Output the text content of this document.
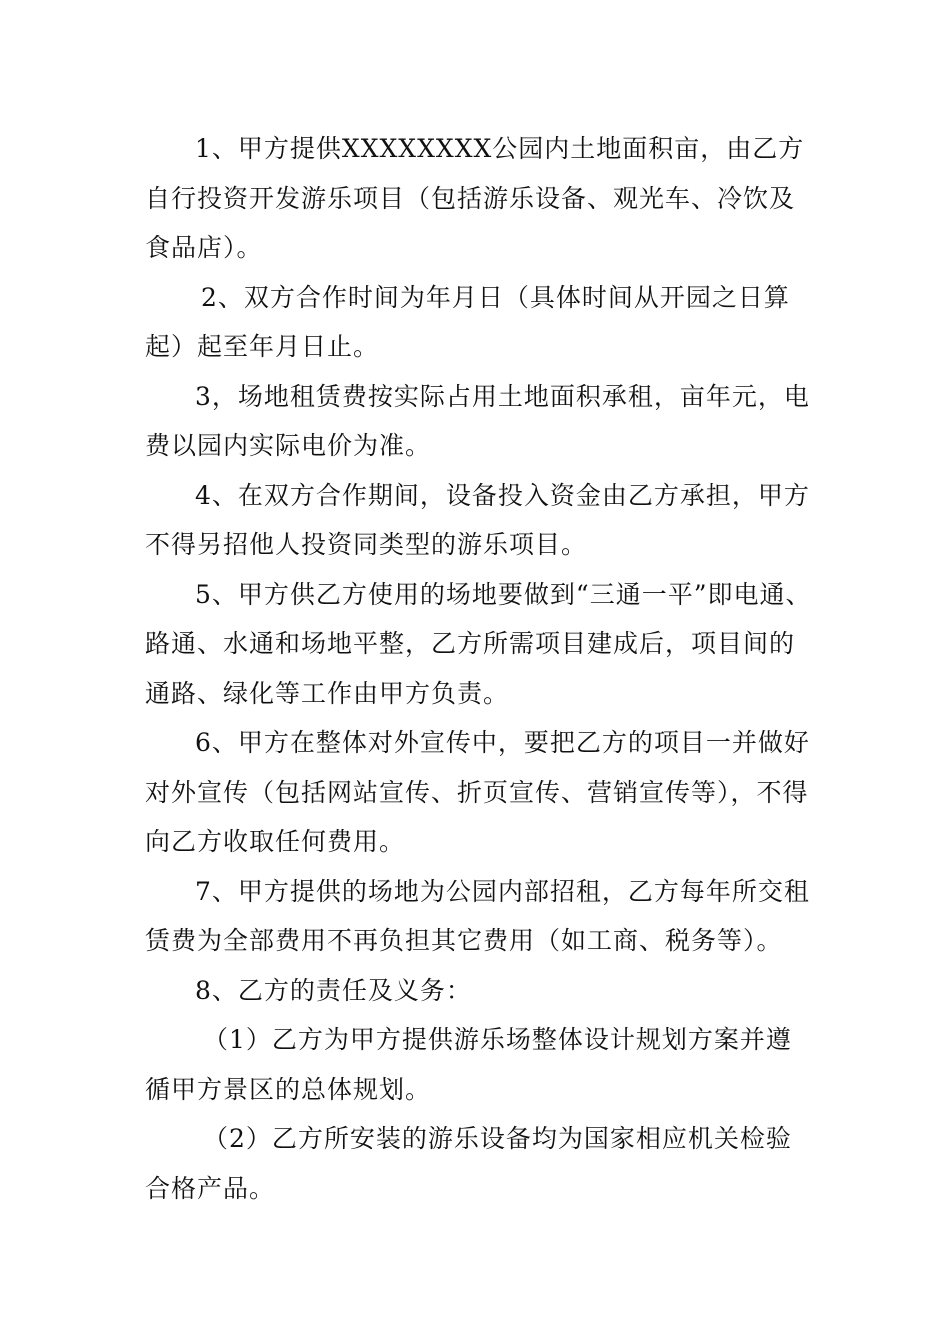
1、甲方提供XXXXXXXX公园内土地面积亩，由乙方自行投资开发游乐项目（包括游乐设备、观光车、冷饮及食品店）。

2、双方合作时间为年月日（具体时间从开园之日算起）起至年月日止。

3，场地租赁费按实际占用土地面积承租，亩年元，电费以园内实际电价为准。

4、在双方合作期间，设备投入资金由乙方承担，甲方不得另招他人投资同类型的游乐项目。

5、甲方供乙方使用的场地要做到“三通一平”即电通、路通、水通和场地平整，乙方所需项目建成后，项目间的通路、绿化等工作由甲方负责。

6、甲方在整体对外宣传中，要把乙方的项目一并做好对外宣传（包括网站宣传、折页宣传、营销宣传等），不得向乙方收取任何费用。

7、甲方提供的场地为公园内部招租，乙方每年所交租赁费为全部费用不再负担其它费用（如工商、税务等）。

8、乙方的责任及义务：

（1）乙方为甲方提供游乐场整体设计规划方案并遵循甲方景区的总体规划。

（2）乙方所安装的游乐设备均为国家相应机关检验合格产品。
